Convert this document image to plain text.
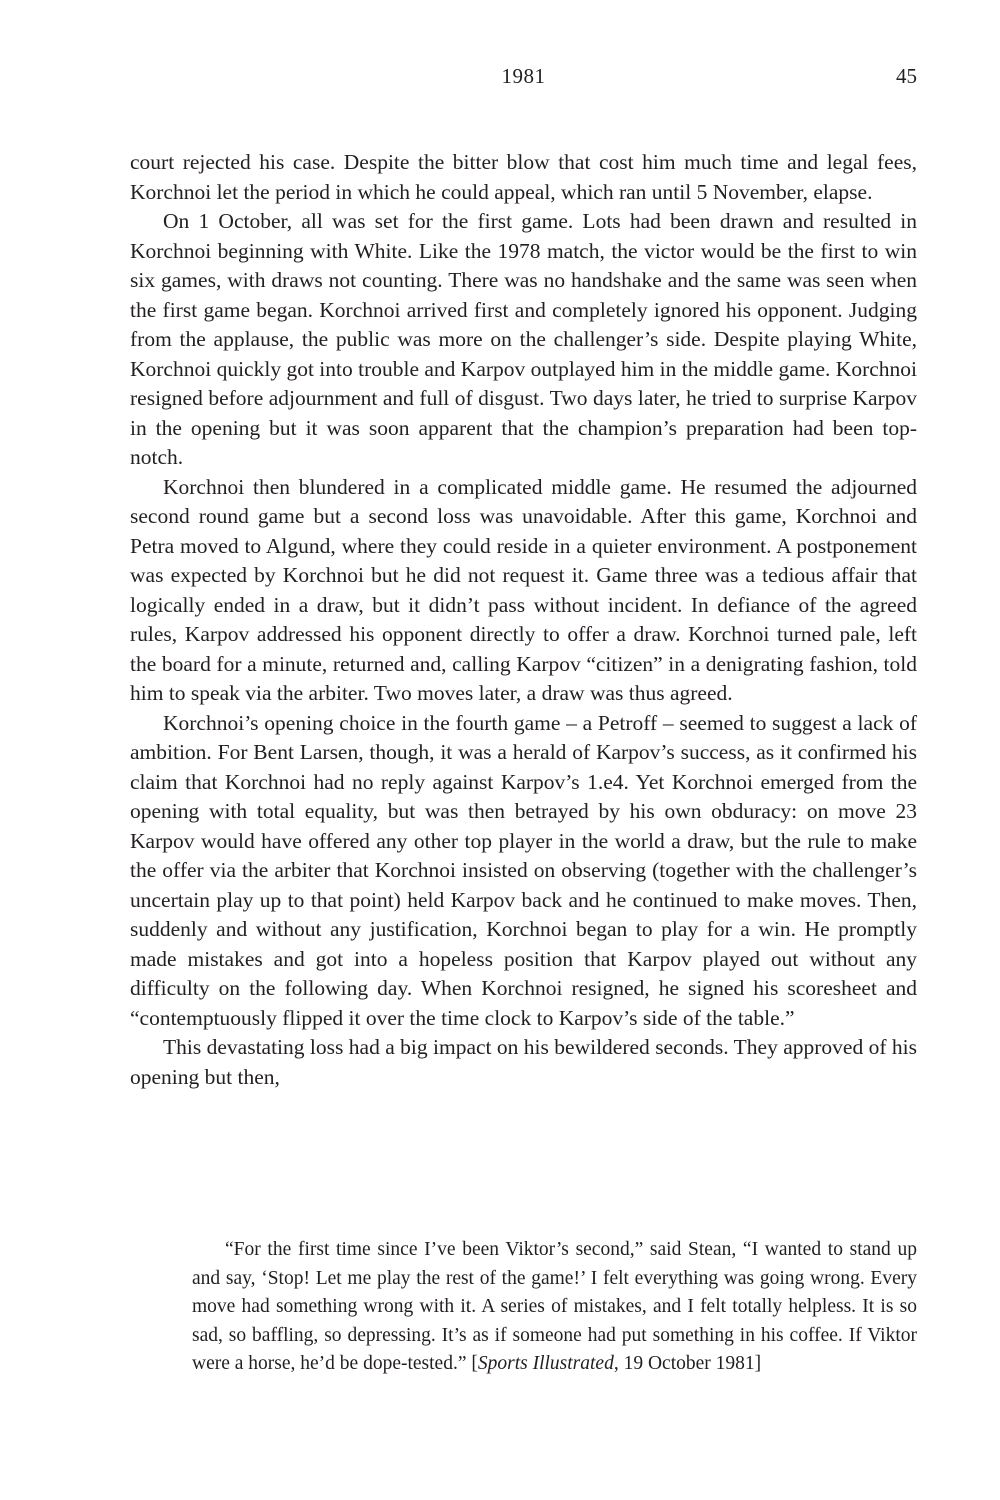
1981	45

court rejected his case. Despite the bitter blow that cost him much time and legal fees, Korchnoi let the period in which he could appeal, which ran until 5 November, elapse.

On 1 October, all was set for the first game. Lots had been drawn and resulted in Korchnoi beginning with White. Like the 1978 match, the victor would be the first to win six games, with draws not counting. There was no handshake and the same was seen when the first game began. Korchnoi arrived first and completely ignored his opponent. Judging from the applause, the public was more on the challenger’s side. Despite playing White, Korchnoi quickly got into trouble and Karpov outplayed him in the middle game. Korchnoi resigned before adjournment and full of disgust. Two days later, he tried to surprise Karpov in the opening but it was soon apparent that the champion’s preparation had been top-notch.

Korchnoi then blundered in a complicated middle game. He resumed the adjourned second round game but a second loss was unavoidable. After this game, Korchnoi and Petra moved to Algund, where they could reside in a quieter environment. A postponement was expected by Korchnoi but he did not request it. Game three was a tedious affair that logically ended in a draw, but it didn’t pass without incident. In defiance of the agreed rules, Karpov addressed his opponent directly to offer a draw. Korchnoi turned pale, left the board for a minute, returned and, calling Karpov “citizen” in a denigrating fashion, told him to speak via the arbiter. Two moves later, a draw was thus agreed.

Korchnoi’s opening choice in the fourth game – a Petroff – seemed to suggest a lack of ambition. For Bent Larsen, though, it was a herald of Karpov’s success, as it confirmed his claim that Korchnoi had no reply against Karpov’s 1.e4. Yet Korchnoi emerged from the opening with total equality, but was then betrayed by his own obduracy: on move 23 Karpov would have offered any other top player in the world a draw, but the rule to make the offer via the arbiter that Korchnoi insisted on observing (together with the challenger’s uncertain play up to that point) held Karpov back and he continued to make moves. Then, suddenly and without any justification, Korchnoi began to play for a win. He promptly made mistakes and got into a hopeless position that Karpov played out without any difficulty on the following day. When Korchnoi resigned, he signed his scoresheet and “contemptuously flipped it over the time clock to Karpov’s side of the table.”

This devastating loss had a big impact on his bewildered seconds. They approved of his opening but then,

“For the first time since I’ve been Viktor’s second,” said Stean, “I wanted to stand up and say, ‘Stop! Let me play the rest of the game!’ I felt everything was going wrong. Every move had something wrong with it. A series of mistakes, and I felt totally helpless. It is so sad, so baffling, so depressing. It’s as if someone had put something in his coffee. If Viktor were a horse, he’d be dope-tested.” [Sports Illustrated, 19 October 1981]
